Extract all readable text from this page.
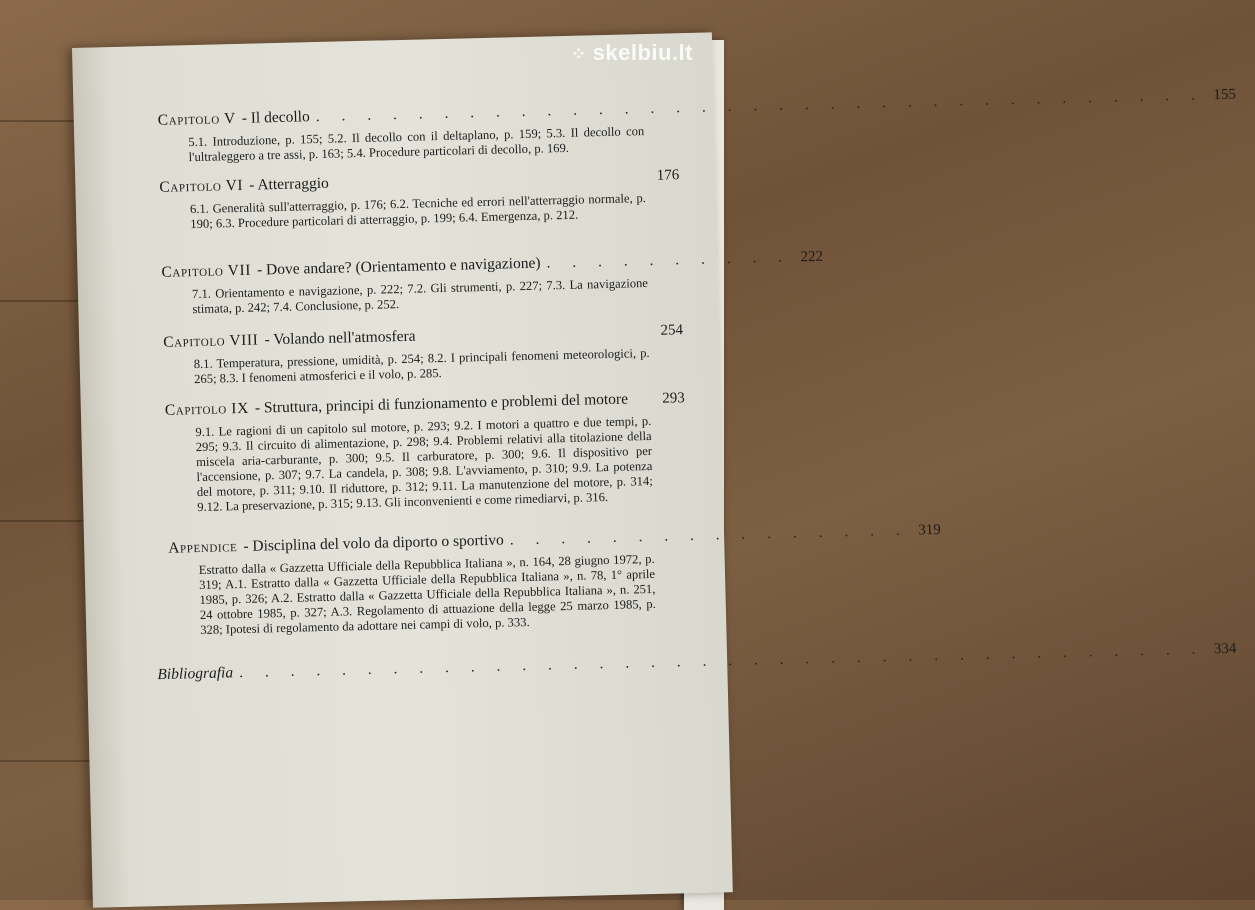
Capitolo V - Il decollo . . . . . . . . . . . . . . . . . . . . . . . . . . . . . . . . . . . 155
5.1. Introduzione, p. 155; 5.2. Il decollo con il deltaplano, p. 159; 5.3. Il decollo con l'ultraleggero a tre assi, p. 163; 5.4. Procedure particolari di decollo, p. 169.
Capitolo VI - Atterraggio
	176
6.1. Generalità sull'atterraggio, p. 176; 6.2. Tecniche ed errori nell'atterraggio normale, p. 190; 6.3. Procedure particolari di atterraggio, p. 199; 6.4. Emergenza, p. 212.
Capitolo VII - Dove andare? (Orientamento e navigazione) . . . . . . . . . . 222
7.1. Orientamento e navigazione, p. 222; 7.2. Gli strumenti, p. 227; 7.3. La navigazione stimata, p. 242; 7.4. Conclusione, p. 252.
Capitolo VIII - Volando nell'atmosfera
	254
8.1. Temperatura, pressione, umidità, p. 254; 8.2. I principali fenomeni meteorologici, p. 265; 8.3. I fenomeni atmosferici e il volo, p. 285.
Capitolo IX - Struttura, principi di funzionamento e problemi del motore
293
9.1. Le ragioni di un capitolo sul motore, p. 293; 9.2. I motori a quattro e due tempi, p. 295; 9.3. Il circuito di alimentazione, p. 298; 9.4. Problemi relativi alla titolazione della miscela aria-carburante, p. 300; 9.5. Il carburatore, p. 300; 9.6. Il dispositivo per l'accensione, p. 307; 9.7. La candela, p. 308; 9.8. L'avviamento, p. 310; 9.9. La potenza del motore, p. 311; 9.10. Il riduttore, p. 312; 9.11. La manutenzione del motore, p. 314; 9.12. La preservazione, p. 315; 9.13. Gli inconvenienti e come rimediarvi, p. 316.
Appendice - Disciplina del volo da diporto o sportivo . . . . . . . . . . . . . . . . 319
Estratto dalla « Gazzetta Ufficiale della Repubblica Italiana », n. 164, 28 giugno 1972, p. 319; A.1. Estratto dalla « Gazzetta Ufficiale della Repubblica Italiana », n. 78, 1° aprile 1985, p. 326; A.2. Estratto dalla « Gazzetta Ufficiale della Repubblica Italiana », n. 251, 24 ottobre 1985, p. 327; A.3. Regolamento di attuazione della legge 25 marzo 1985, p. 328; Ipotesi di regolamento da adottare nei campi di volo, p. 333.
Bibliografia . . . . . . . . . . . . . . . . . . . . . . . . . . . . . . . . . . . . . . 334
⁘ skelbiu.lt
